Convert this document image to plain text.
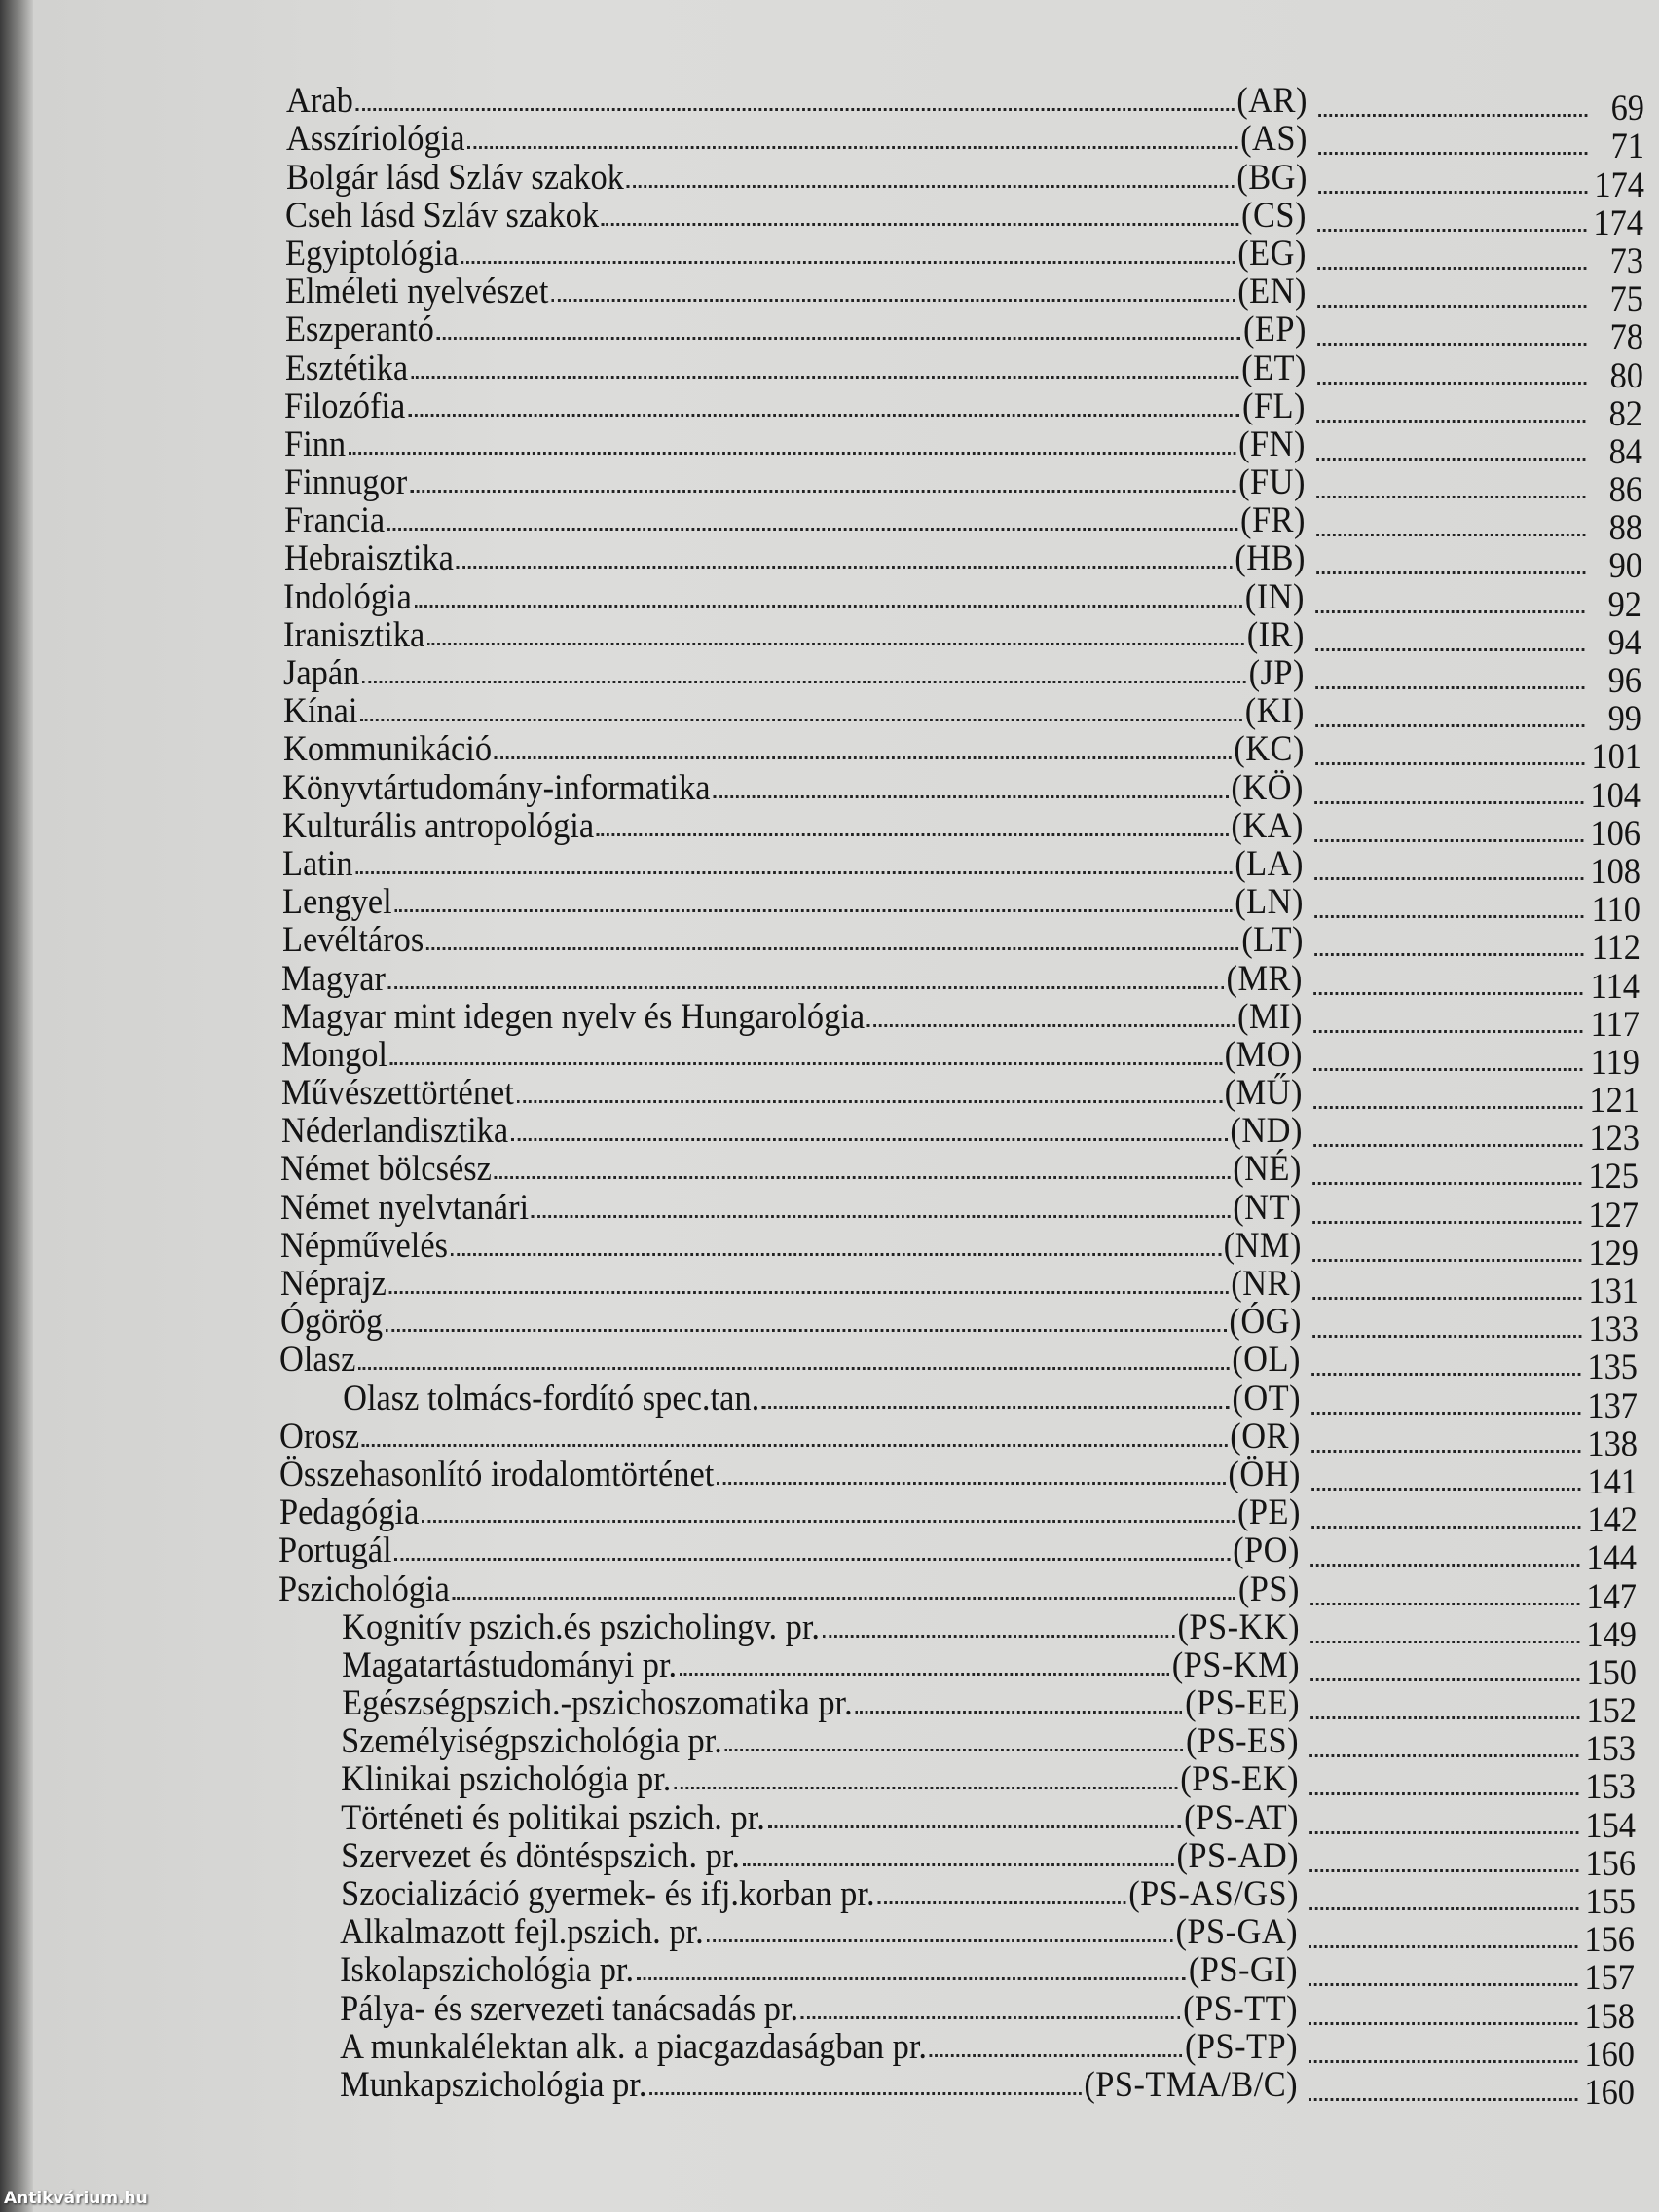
Arab	(AR)	69
Asszíriológia	(AS)	71
Bolgár lásd Szláv szakok	(BG)	174
Cseh lásd Szláv szakok	(CS)	174
Egyiptológia	(EG)	73
Elméleti nyelvészet	(EN)	75
Eszperantó	(EP)	78
Esztétika	(ET)	80
Filozófia	(FL)	82
Finn	(FN)	84
Finnugor	(FU)	86
Francia	(FR)	88
Hebraisztika	(HB)	90
Indológia	(IN)	92
Iranisztika	(IR)	94
Japán	(JP)	96
Kínai	(KI)	99
Kommunikáció	(KC)	101
Könyvtártudomány-informatika	(KÖ)	104
Kulturális antropológia	(KA)	106
Latin	(LA)	108
Lengyel	(LN)	110
Levéltáros	(LT)	112
Magyar	(MR)	114
Magyar mint idegen nyelv és Hungarológia	(MI)	117
Mongol	(MO)	119
Művészettörténet	(MŰ)	121
Néderlandisztika	(ND)	123
Német bölcsész	(NÉ)	125
Német nyelvtanári	(NT)	127
Népművelés	(NM)	129
Néprajz	(NR)	131
Ógörög	(ÓG)	133
Olasz	(OL)	135
Olasz tolmács-fordító spec.tan.	(OT)	137
Orosz	(OR)	138
Összehasonlító irodalomtörténet	(ÖH)	141
Pedagógia	(PE)	142
Portugál	(PO)	144
Pszichológia	(PS)	147
Kognitív pszich.és pszicholingv. pr.	(PS-KK)	149
Magatartástudományi pr.	(PS-KM)	150
Egészségpszich.-pszichoszomatika pr.	(PS-EE)	152
Személyiségpszichológia pr.	(PS-ES)	153
Klinikai pszichológia pr.	(PS-EK)	153
Történeti és politikai pszich. pr.	(PS-AT)	154
Szervezet és döntéspszich. pr.	(PS-AD)	156
Szocializáció gyermek- és ifj.korban pr.	(PS-AS/GS)	155
Alkalmazott fejl.pszich. pr.	(PS-GA)	156
Iskolapszichológia pr.	(PS-GI)	157
Pálya- és szervezeti tanácsadás pr.	(PS-TT)	158
A munkalélektan alk. a piacgazdaságban pr.	(PS-TP)	160
Munkapszichológia pr.	(PS-TMA/B/C)	160
Antikvárium.hu
